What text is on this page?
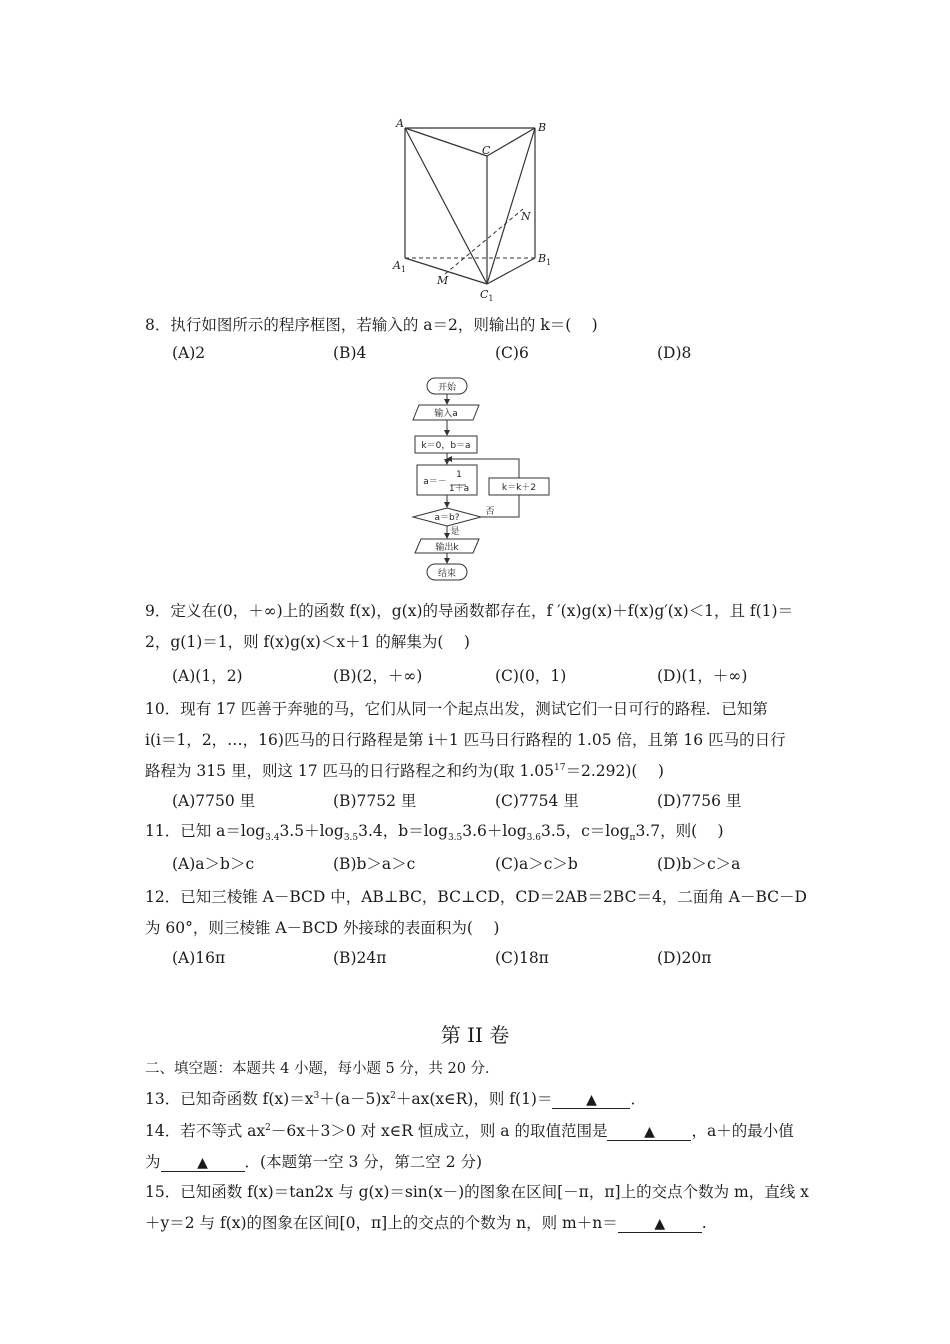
A	B
C
N
$A_1$
$B_1$
M
$C_1$
8．执行如图所示的程序框图，若输入的 a＝2，则输出的 k＝(　 )
(A)2	(B)4	(C)6	(D)8
开始
输入a
k＝0，b＝a
a＝－
1
1＋a	k＝k＋2
a＝b?
否
是
输出k
结束
9．定义在(0，＋∞)上的函数 f(x)，g(x)的导函数都存在，f ′(x)g(x)＋f(x)g′(x)＜1，且 f(1)＝
2，g(1)＝1，则 f(x)g(x)＜x＋1 的解集为(　 )
(A)(1，2)	(B)(2，＋∞)	(C)(0，1)	(D)(1，＋∞)
10．现有 17 匹善于奔驰的马，它们从同一个起点出发，测试它们一日可行的路程．已知第
i(i＝1，2，…，16)匹马的日行路程是第 i＋1 匹马日行路程的 1.05 倍，且第 16 匹马的日行
路程为 315 里，则这 17 匹马的日行路程之和约为(取 $1.05^{17}=2.292$)(　 )
(A)7750 里	(B)7752 里	(C)7754 里	(D)7756 里
11．已知 $a=\log_{3.4}3.5+\log_{3.5}3.4$，$b=\log_{3.5}3.6+\log_{3.6}3.5$，$c=\log_\pi 3.7$，则(　 )
(A)a＞b＞c	(B)b＞a＞c	(C)a＞c＞b	(D)b＞c＞a
12．已知三棱锥 A－BCD 中，AB⊥BC，BC⊥CD，CD＝2AB＝2BC＝4，二面角 A－BC－D
为 60°，则三棱锥 A－BCD 外接球的表面积为(　 )
(A)16π	(B)24π	(C)18π	(D)20π
第 II 卷
二、填空题：本题共 4 小题，每小题 5 分，共 20 分．
13．已知奇函数 $f(x)=x^3+(a-5)x^2+ax(x\in R)$，则 f(1)＝ ▲ ．
14．若不等式 $ax^2-6x+3>0$ 对 x∈R 恒成立，则 a 的取值范围是	▲ ，a＋的最小值
为	▲ ．(本题第一空 3 分，第二空 2 分)
15．已知函数 f(x)＝tan2x 与 g(x)＝sin(x－)的图象在区间[－π，π]上的交点个数为 m，直线 x
＋y＝2 与 f(x)的图象在区间[0，π]上的交点的个数为 n，则 m＋n＝	▲ .
